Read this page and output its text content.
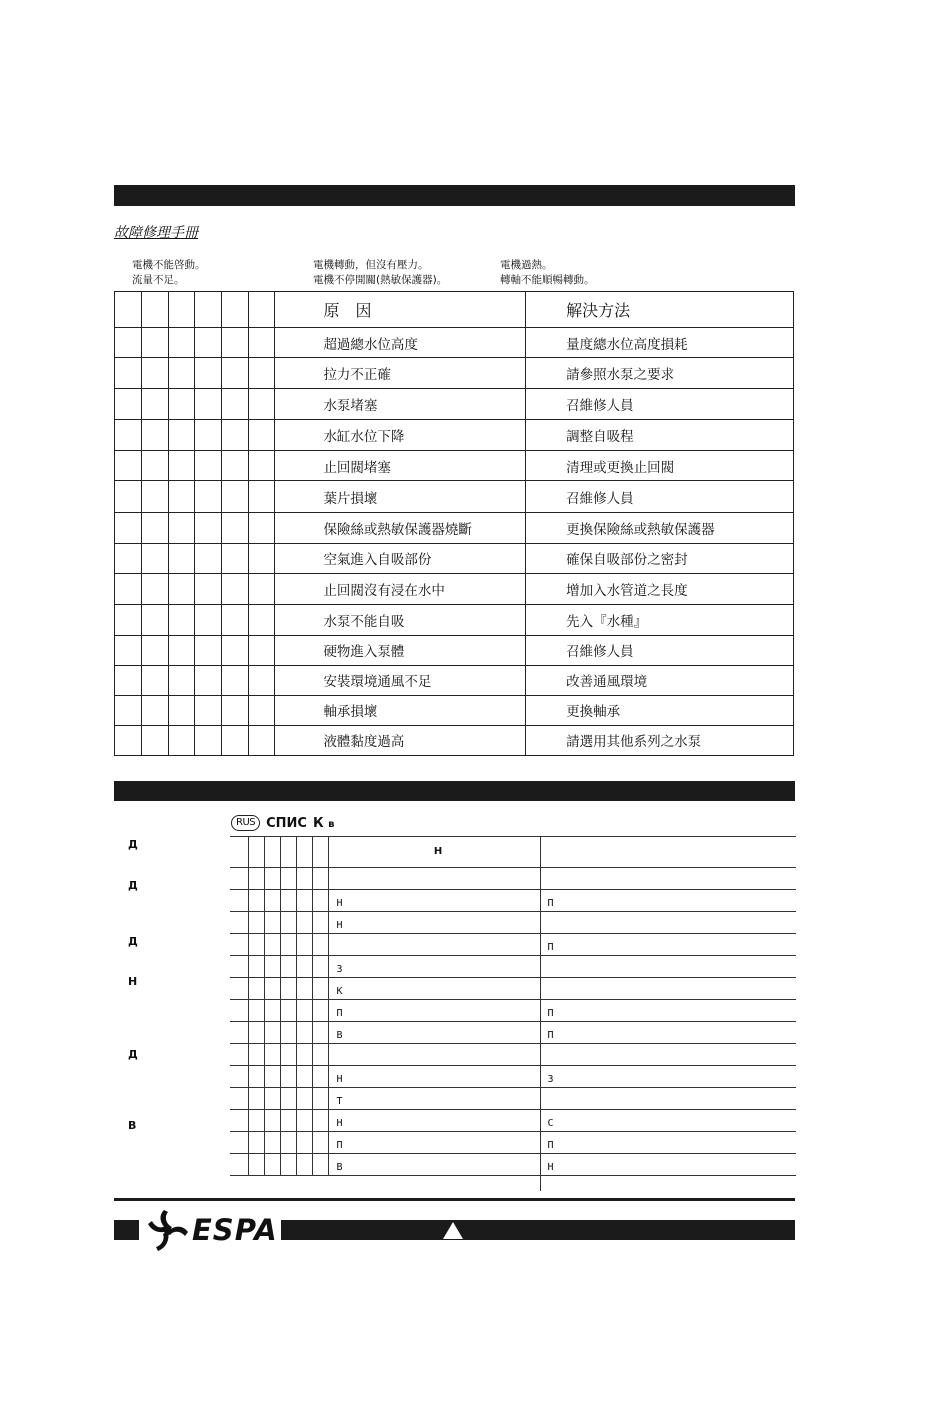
故障修理手冊
電機不能啓動。
流量不足。
電機轉動，但沒有壓力。
電機不停開關(熱敏保護器)。
電機過熱。
轉軸不能順暢轉動。
						原　因	解決方法
						超過總水位高度	量度總水位高度損耗
						拉力不正確	請參照水泵之要求
						水泵堵塞	召維修人員
						水缸水位下降	調整自吸程
						止回閥堵塞	清理或更換止回閥
						葉片損壞	召維修人員
						保險絲或熱敏保護器燒斷	更換保險絲或熱敏保護器
						空氣進入自吸部份	確保自吸部份之密封
						止回閥沒有浸在水中	增加入水管道之長度
						水泵不能自吸	先入『水種』
						硬物進入泵體	召維修人員
						安裝環境通風不足	改善通風環境
						軸承損壞	更換軸承
						液體黏度過高	請選用其他系列之水泵
RUS СПИС К в
Д
Д
Д
Н
Д
В
						Н	

						Н	П
						Н	
							П
						З	
						К	
						П	П
						В	П

						Н	З
						Т	
						Н	С
						П	П
						В	Н

ESPA
